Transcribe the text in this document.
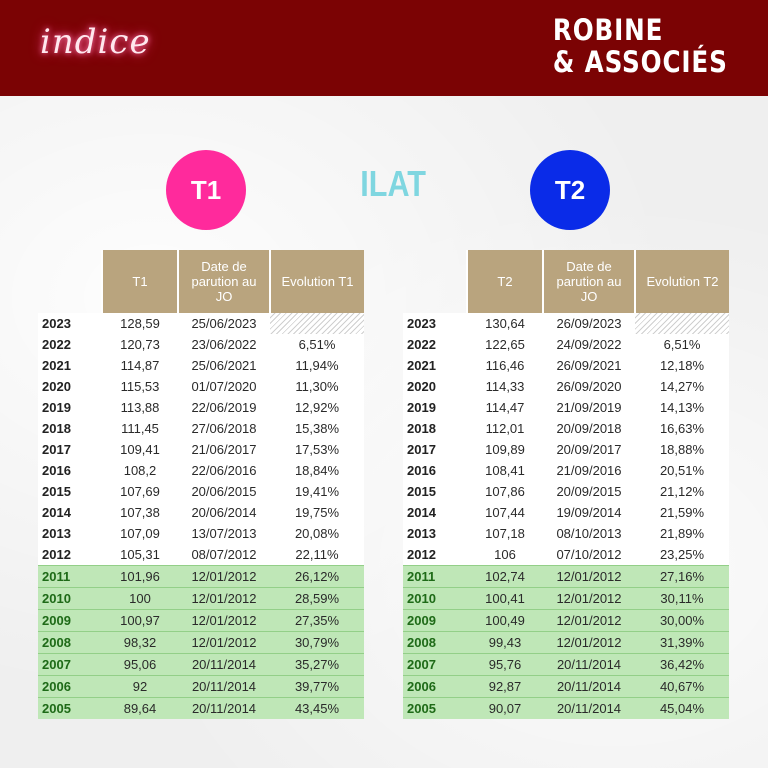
indice	ROBINE
& ASSOCIÉS
T1	ILAT	T2
	T1	Date de parution au JO	Evolution T1
2023	128,59	25/06/2023	
2022	120,73	23/06/2022	6,51%
2021	114,87	25/06/2021	11,94%
2020	115,53	01/07/2020	11,30%
2019	113,88	22/06/2019	12,92%
2018	111,45	27/06/2018	15,38%
2017	109,41	21/06/2017	17,53%
2016	108,2	22/06/2016	18,84%
2015	107,69	20/06/2015	19,41%
2014	107,38	20/06/2014	19,75%
2013	107,09	13/07/2013	20,08%
2012	105,31	08/07/2012	22,11%
2011	101,96	12/01/2012	26,12%
2010	100	12/01/2012	28,59%
2009	100,97	12/01/2012	27,35%
2008	98,32	12/01/2012	30,79%
2007	95,06	20/11/2014	35,27%
2006	92	20/11/2014	39,77%
2005	89,64	20/11/2014	43,45%
	T2	Date de parution au JO	Evolution T2
2023	130,64	26/09/2023	
2022	122,65	24/09/2022	6,51%
2021	116,46	26/09/2021	12,18%
2020	114,33	26/09/2020	14,27%
2019	114,47	21/09/2019	14,13%
2018	112,01	20/09/2018	16,63%
2017	109,89	20/09/2017	18,88%
2016	108,41	21/09/2016	20,51%
2015	107,86	20/09/2015	21,12%
2014	107,44	19/09/2014	21,59%
2013	107,18	08/10/2013	21,89%
2012	106	07/10/2012	23,25%
2011	102,74	12/01/2012	27,16%
2010	100,41	12/01/2012	30,11%
2009	100,49	12/01/2012	30,00%
2008	99,43	12/01/2012	31,39%
2007	95,76	20/11/2014	36,42%
2006	92,87	20/11/2014	40,67%
2005	90,07	20/11/2014	45,04%
